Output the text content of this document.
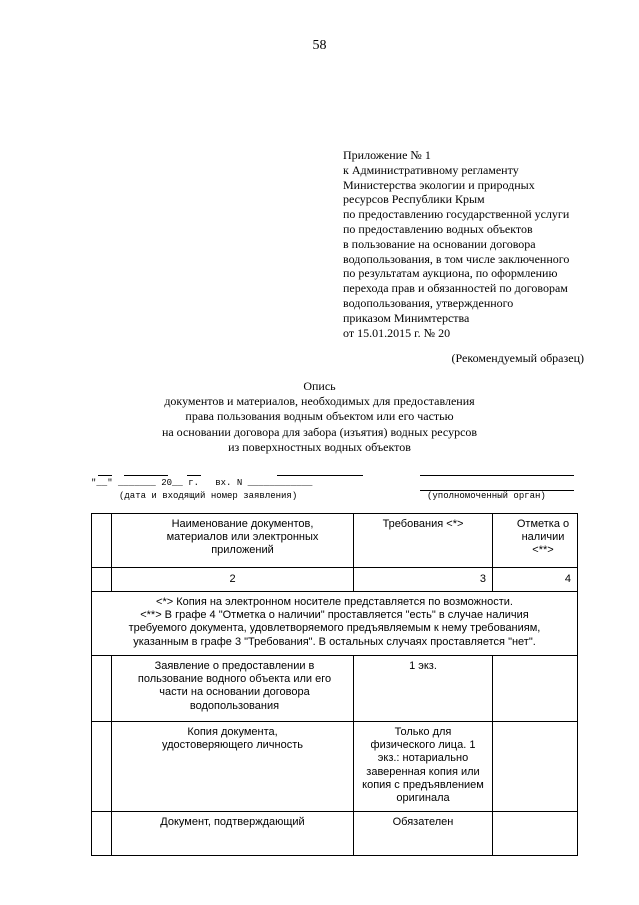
58
Приложение № 1
к Административному регламенту
Министерства экологии и природных
ресурсов Республики Крым
по предоставлению государственной услуги
по предоставлению водных объектов
в пользование на основании договора
водопользования, в том числе заключенного
по результатам аукциона, по оформлению
перехода прав и обязанностей по договорам
водопользования, утвержденного
приказом Минимтерства
от 15.01.2015 г. № 20
(Рекомендуемый образец)
Опись
документов и материалов, необходимых для предоставления
права пользования водным объектом или его частью
на основании договора для забора (изъятия) водных ресурсов
из поверхностных водных объектов
"__" _______ 20__ г.   вх. N ____________
(дата и входящий номер заявления)	(уполномоченный орган)
	Наименование документов, материалов или электронных приложений	Требования <*>	Отметка о наличии <**>
	2	3	4

<*> Копия на электронном носителе представляется по возможности.
<**> В графе 4 "Отметка о наличии" проставляется "есть" в случае наличия
требуемого документа, удовлетворяемого предъявляемым к нему требованиям,
указанным в графе 3 "Требования". В остальных случаях проставляется "нет".			

	Заявление о предоставлении в пользование водного объекта или его части на основании договора водопользования	1 экз.	
	Копия документа, удостоверяющего личность	Только для физического лица. 1 экз.: нотариально заверенная копия или копия с предъявлением оригинала	
	Документ, подтверждающий	Обязателен	
